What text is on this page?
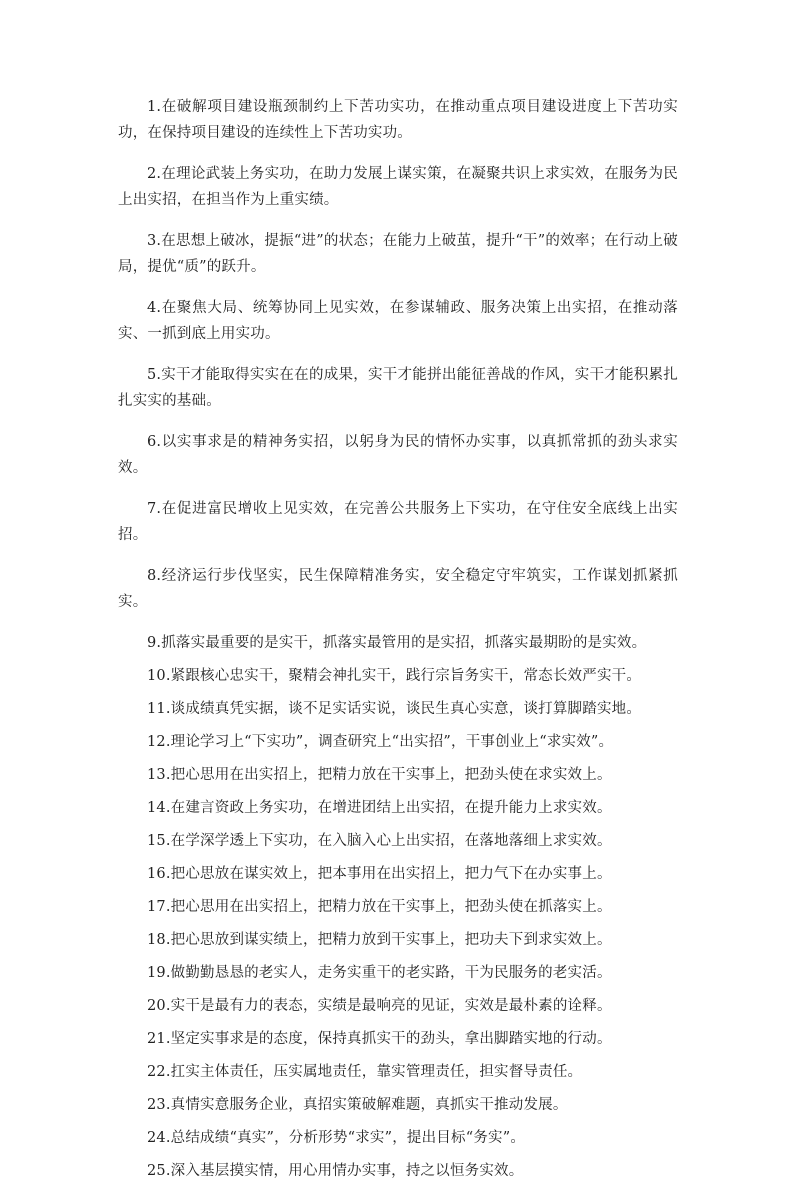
1.在破解项目建设瓶颈制约上下苦功实功，在推动重点项目建设进度上下苦功实功，在保持项目建设的连续性上下苦功实功。

2.在理论武装上务实功，在助力发展上谋实策，在凝聚共识上求实效，在服务为民上出实招，在担当作为上重实绩。

3.在思想上破冰，提振“进”的状态；在能力上破茧，提升“干”的效率；在行动上破局，提优“质”的跃升。

4.在聚焦大局、统筹协同上见实效，在参谋辅政、服务决策上出实招，在推动落实、一抓到底上用实功。

5.实干才能取得实实在在的成果，实干才能拼出能征善战的作风，实干才能积累扎扎实实的基础。

6.以实事求是的精神务实招，以躬身为民的情怀办实事，以真抓常抓的劲头求实效。

7.在促进富民增收上见实效，在完善公共服务上下实功，在守住安全底线上出实招。

8.经济运行步伐坚实，民生保障精准务实，安全稳定守牢筑实，工作谋划抓紧抓实。

9.抓落实最重要的是实干，抓落实最管用的是实招，抓落实最期盼的是实效。

10.紧跟核心忠实干，聚精会神扎实干，践行宗旨务实干，常态长效严实干。

11.谈成绩真凭实据，谈不足实话实说，谈民生真心实意，谈打算脚踏实地。

12.理论学习上“下实功”，调查研究上“出实招”，干事创业上“求实效”。

13.把心思用在出实招上，把精力放在干实事上，把劲头使在求实效上。

14.在建言资政上务实功，在增进团结上出实招，在提升能力上求实效。

15.在学深学透上下实功，在入脑入心上出实招，在落地落细上求实效。

16.把心思放在谋实效上，把本事用在出实招上，把力气下在办实事上。

17.把心思用在出实招上，把精力放在干实事上，把劲头使在抓落实上。

18.把心思放到谋实绩上，把精力放到干实事上，把功夫下到求实效上。

19.做勤勤恳恳的老实人，走务实重干的老实路，干为民服务的老实活。

20.实干是最有力的表态，实绩是最响亮的见证，实效是最朴素的诠释。

21.坚定实事求是的态度，保持真抓实干的劲头，拿出脚踏实地的行动。

22.扛实主体责任，压实属地责任，靠实管理责任，担实督导责任。

23.真情实意服务企业，真招实策破解难题，真抓实干推动发展。

24.总结成绩“真实”，分析形势“求实”，提出目标“务实”。

25.深入基层摸实情，用心用情办实事，持之以恒务实效。
